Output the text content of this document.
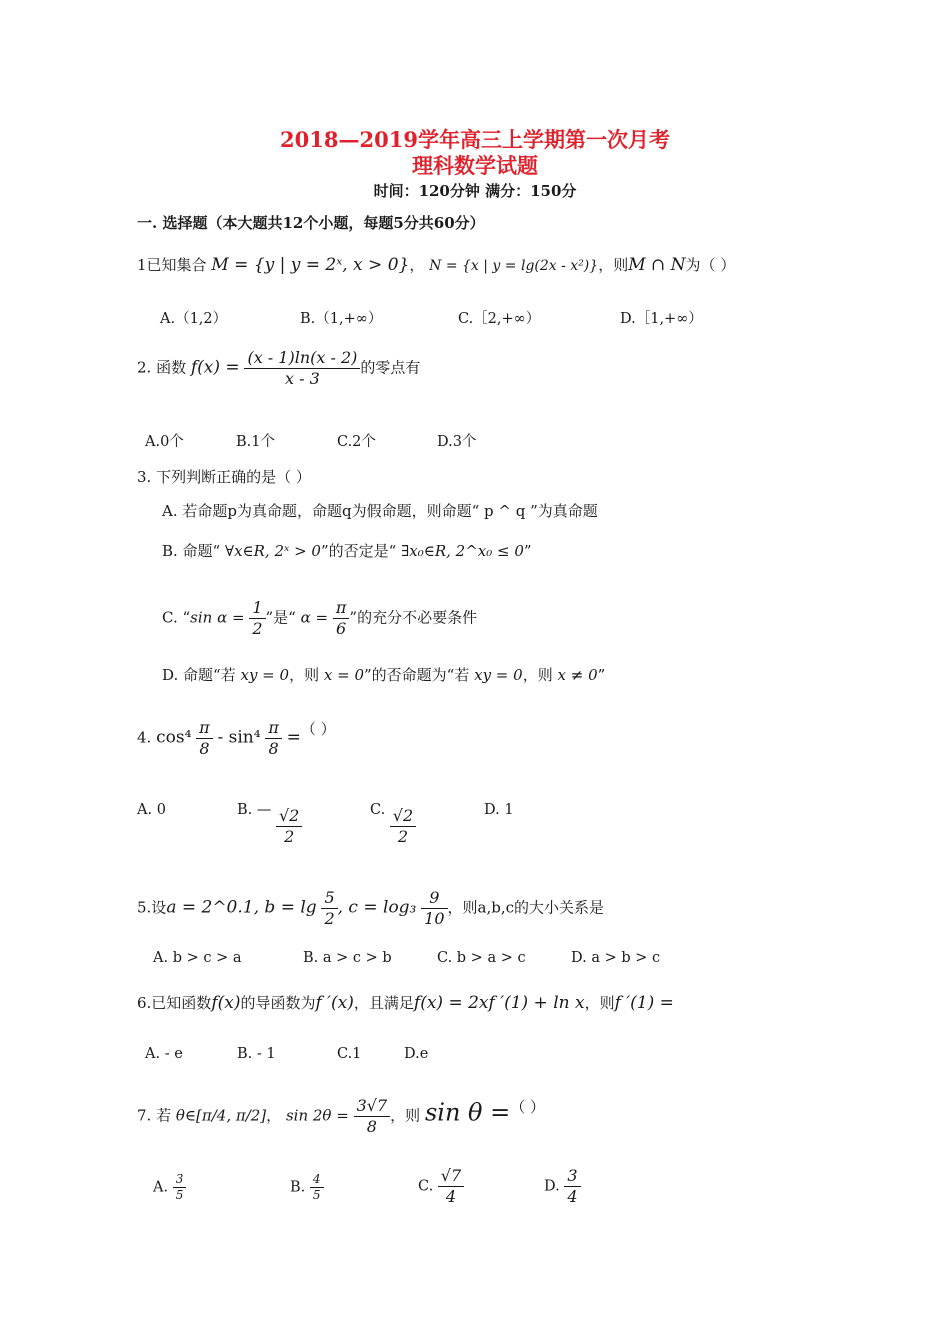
2018—2019学年高三上学期第一次月考
理科数学试题
时间：120分钟 满分：150分
一. 选择题（本大题共12个小题，每题5分共60分）
1已知集合 M = {y | y = 2ˣ, x > 0}， N = {x | y = lg(2x - x²)}，则M ∩ N为（ ）
A.（1,2）	B.（1,+∞）	C.［2,+∞）	D.［1,+∞）
2. 函数 $f(x) = \frac{(x - 1)\ln(x - 2)}{x - 3}$ 的零点有
A.0个	B.1个	C.2个	D.3个
3. 下列判断正确的是（ ）
A. 若命题p为真命题，命题q为假命题，则命题“ p ^ q ”为真命题
B. 命题“ ∀x∈R, 2ˣ > 0”的否定是“ ∃x₀∈R, 2^x₀ ≤ 0”
C. “sin $\alpha = \frac{1}{2}$ ”是“ $\alpha = \frac{\pi}{6}$ ”的充分不必要条件
D. 命题“若 xy = 0，则 x = 0”的否命题为“若 xy = 0，则 x ≠ 0”
4. $\cos^4 \frac{\pi}{8} - \sin^4 \frac{\pi}{8}$ =（ ）
A. 0	B. — $\frac{√2}{2}$	C. $\frac{√2}{2}$	D. 1
5.设a = 2^0.1, $b = \lg \frac{5}{2}$ , $c = \log_3 \frac{9}{10}$ ，则a,b,c的大小关系是
A. b > c > a	B. a > c > b	C. b > a > c	D. a > b > c
6.已知函数f(x)的导函数为f ′(x)，且满足f(x) = 2xf ′(1) + ln x，则f ′(1) =
A. - e	B. - 1	C.1	D.e
7. 若 θ∈[π/4, π/2]， $\sin 2\theta = \frac{3√7}{8}$ ，则 sin θ =（ ）
A. $\frac{3}{5}$	B. $\frac{4}{5}$	C. $\frac{√7}{4}$	D. $\frac{3}{4}$
